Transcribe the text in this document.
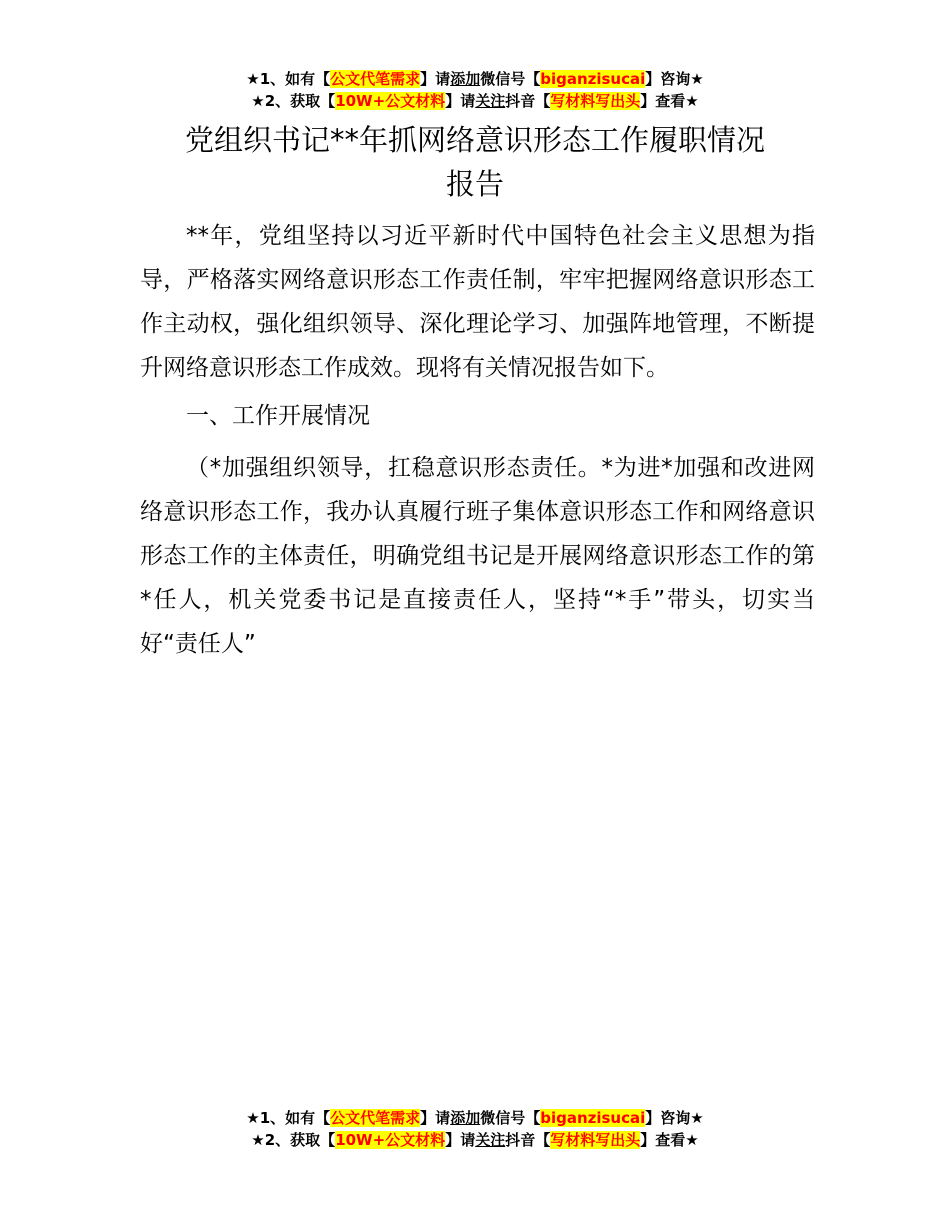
★1、如有【公文代笔需求】请添加微信号【biganzisucai】咨询★
★2、获取【10W+公文材料】请关注抖音【写材料写出头】查看★
党组织书记**年抓网络意识形态工作履职情况
报告

**年，党组坚持以习近平新时代中国特色社会主义思想为指导，严格落实网络意识形态工作责任制，牢牢把握网络意识形态工作主动权，强化组织领导、深化理论学习、加强阵地管理，不断提升网络意识形态工作成效。现将有关情况报告如下。

一、工作开展情况

（*加强组织领导，扛稳意识形态责任。*为进*加强和改进网络意识形态工作，我办认真履行班子集体意识形态工作和网络意识形态工作的主体责任，明确党组书记是开展网络意识形态工作的第*任人，机关党委书记是直接责任人，坚持“*手”带头，切实当好“责任人”

★1、如有【公文代笔需求】请添加微信号【biganzisucai】咨询★
★2、获取【10W+公文材料】请关注抖音【写材料写出头】查看★
